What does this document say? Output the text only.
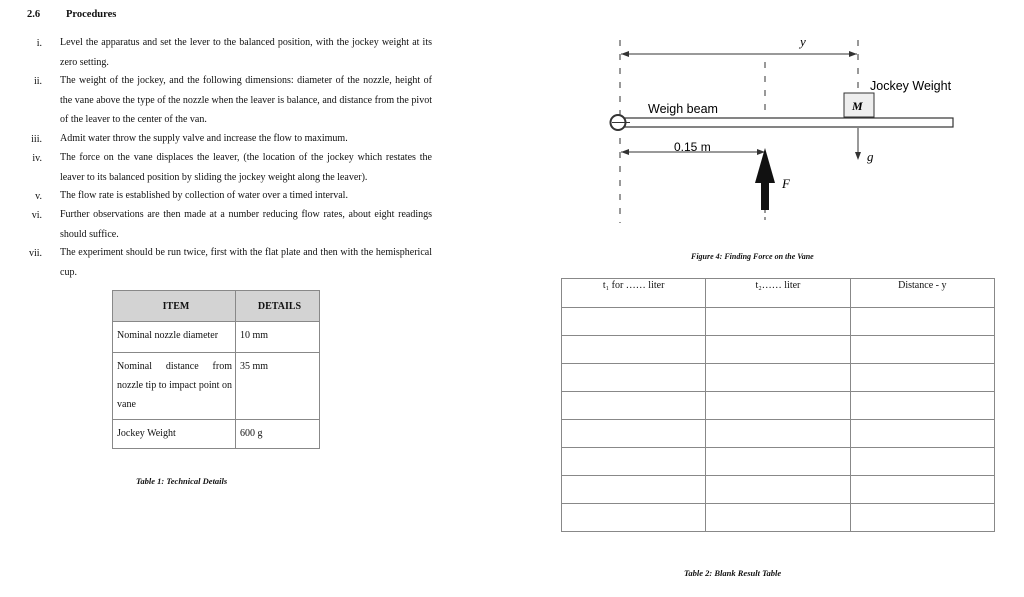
2.6 Procedures
i. Level the apparatus and set the lever to the balanced position, with the jockey weight at its zero setting.
ii. The weight of the jockey, and the following dimensions: diameter of the nozzle, height of the vane above the type of the nozzle when the leaver is balance, and distance from the pivot of the leaver to the center of the van.
iii. Admit water throw the supply valve and increase the flow to maximum.
iv. The force on the vane displaces the leaver, (the location of the jockey which restates the leaver to its balanced position by sliding the jockey weight along the leaver).
v. The flow rate is established by collection of water over a timed interval.
vi. Further observations are then made at a number reducing flow rates, about eight readings should suffice.
vii. The experiment should be run twice, first with the flat plate and then with the hemispherical cup.
ITEM	DETAILS
Nominal nozzle diameter	10 mm
Nominal distance from nozzle tip to impact point on vane	35 mm
Jockey Weight	600 g
Table 1: Technical Details
y
Jockey Weight
M
Weigh beam
0.15 m
g
F
Figure 4: Finding Force on the Vane
t₁ for …… liter	t₂…… liter	Distance - y

Table 2: Blank Result Table
